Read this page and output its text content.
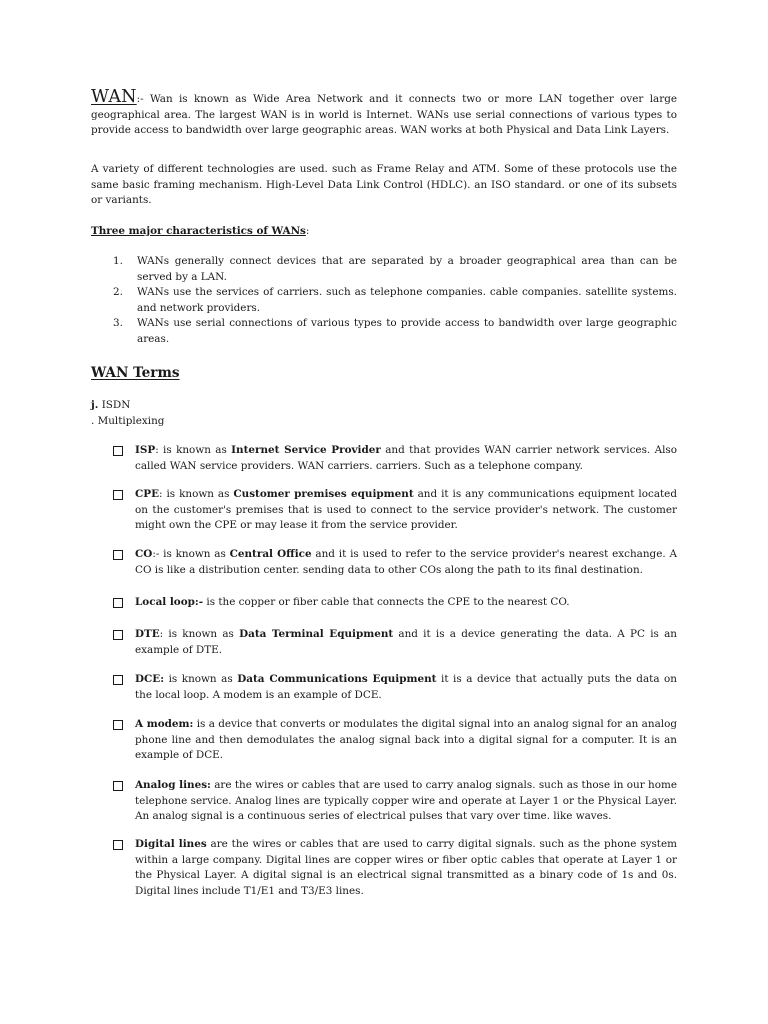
WAN:- Wan is known as Wide Area Network and it connects two or more LAN together over large geographical area. The largest WAN is in world is Internet. WANs use serial connections of various types to provide access to bandwidth over large geographic areas. WAN works at both Physical and Data Link Layers.

A variety of different technologies are used. such as Frame Relay and ATM. Some of these protocols use the same basic framing mechanism. High-Level Data Link Control (HDLC). an ISO standard. or one of its subsets or variants.

Three major characteristics of WANs:

1. WANs generally connect devices that are separated by a broader geographical area than can be served by a LAN.
2. WANs use the services of carriers. such as telephone companies. cable companies. satellite systems. and network providers.
3. WANs use serial connections of various types to provide access to bandwidth over large geographic areas.

WAN Terms

j. ISDN

. Multiplexing

ISP: is known as Internet Service Provider and that provides WAN carrier network services. Also called WAN service providers. WAN carriers. carriers. Such as a telephone company.

CPE: is known as Customer premises equipment and it is any communications equipment located on the customer's premises that is used to connect to the service provider's network. The customer might own the CPE or may lease it from the service provider.

CO:- is known as Central Office and it is used to refer to the service provider's nearest exchange. A CO is like a distribution center. sending data to other COs along the path to its final destination.

Local loop:- is the copper or fiber cable that connects the CPE to the nearest CO.

DTE: is known as Data Terminal Equipment and it is a device generating the data. A PC is an example of DTE.

DCE: is known as Data Communications Equipment it is a device that actually puts the data on the local loop. A modem is an example of DCE.

A modem: is a device that converts or modulates the digital signal into an analog signal for an analog phone line and then demodulates the analog signal back into a digital signal for a computer. It is an example of DCE.

Analog lines: are the wires or cables that are used to carry analog signals. such as those in our home telephone service. Analog lines are typically copper wire and operate at Layer 1 or the Physical Layer. An analog signal is a continuous series of electrical pulses that vary over time. like waves.

Digital lines are the wires or cables that are used to carry digital signals. such as the phone system within a large company. Digital lines are copper wires or fiber optic cables that operate at Layer 1 or the Physical Layer. A digital signal is an electrical signal transmitted as a binary code of 1s and 0s. Digital lines include T1/E1 and T3/E3 lines.
